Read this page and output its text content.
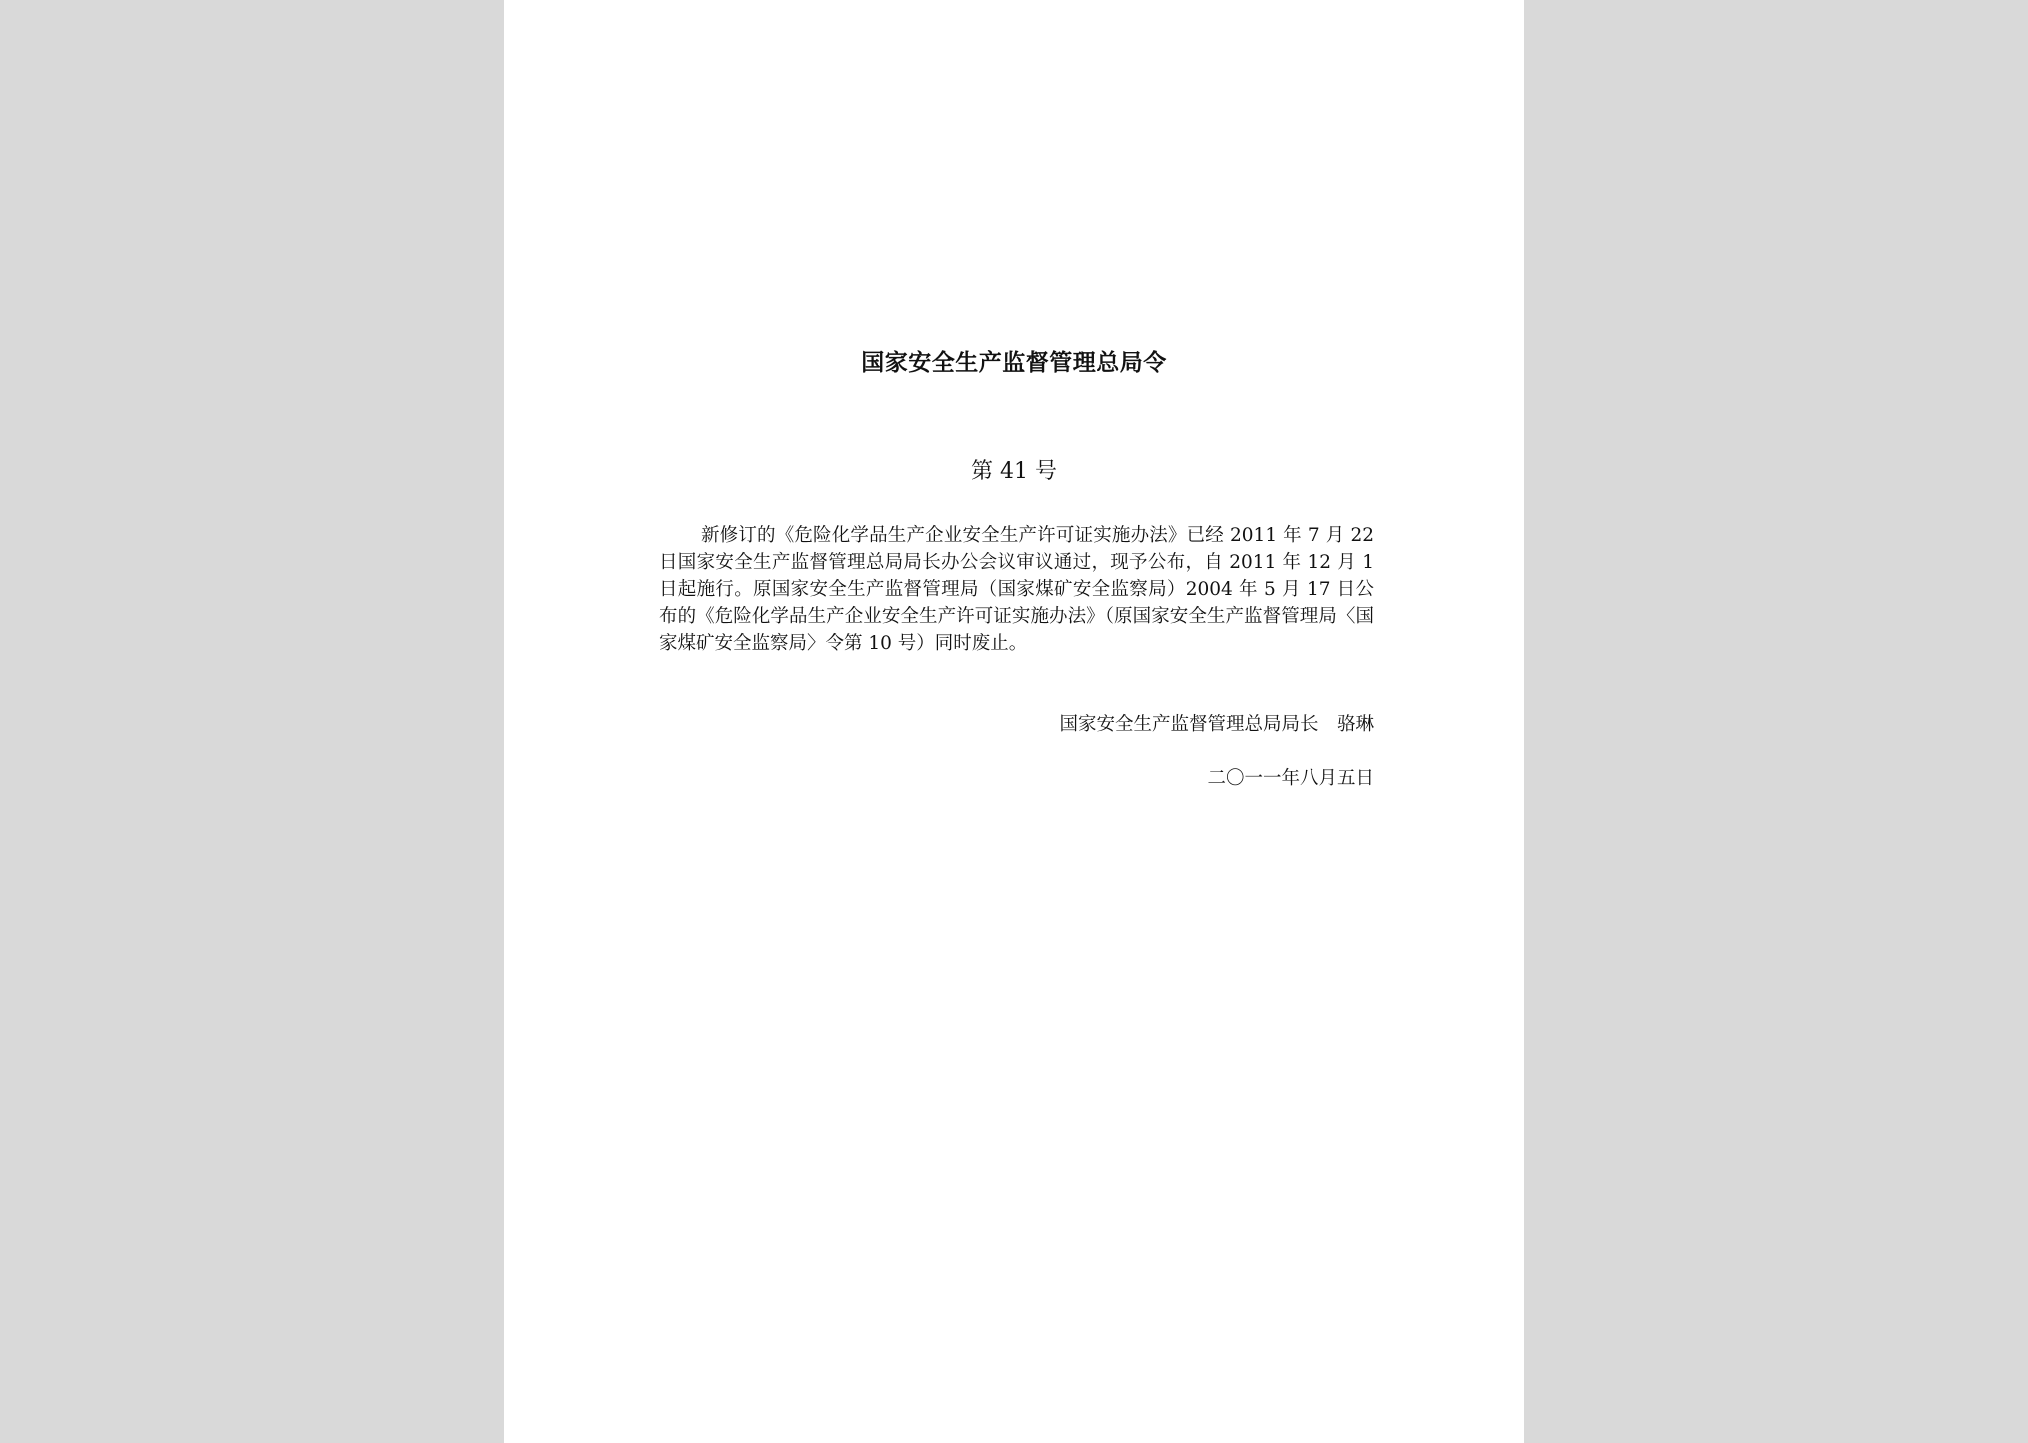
国家安全生产监督管理总局令
第 41 号

新修订的《危险化学品生产企业安全生产许可证实施办法》已经 2011 年 7 月 22 日国家安全生产监督管理总局局长办公会议审议通过，现予公布，自 2011 年 12 月 1 日起施行。原国家安全生产监督管理局（国家煤矿安全监察局）2004 年 5 月 17 日公布的《危险化学品生产企业安全生产许可证实施办法》（原国家安全生产监督管理局〈国家煤矿安全监察局〉令第 10 号）同时废止。

国家安全生产监督管理总局局长　骆琳
二〇一一年八月五日
